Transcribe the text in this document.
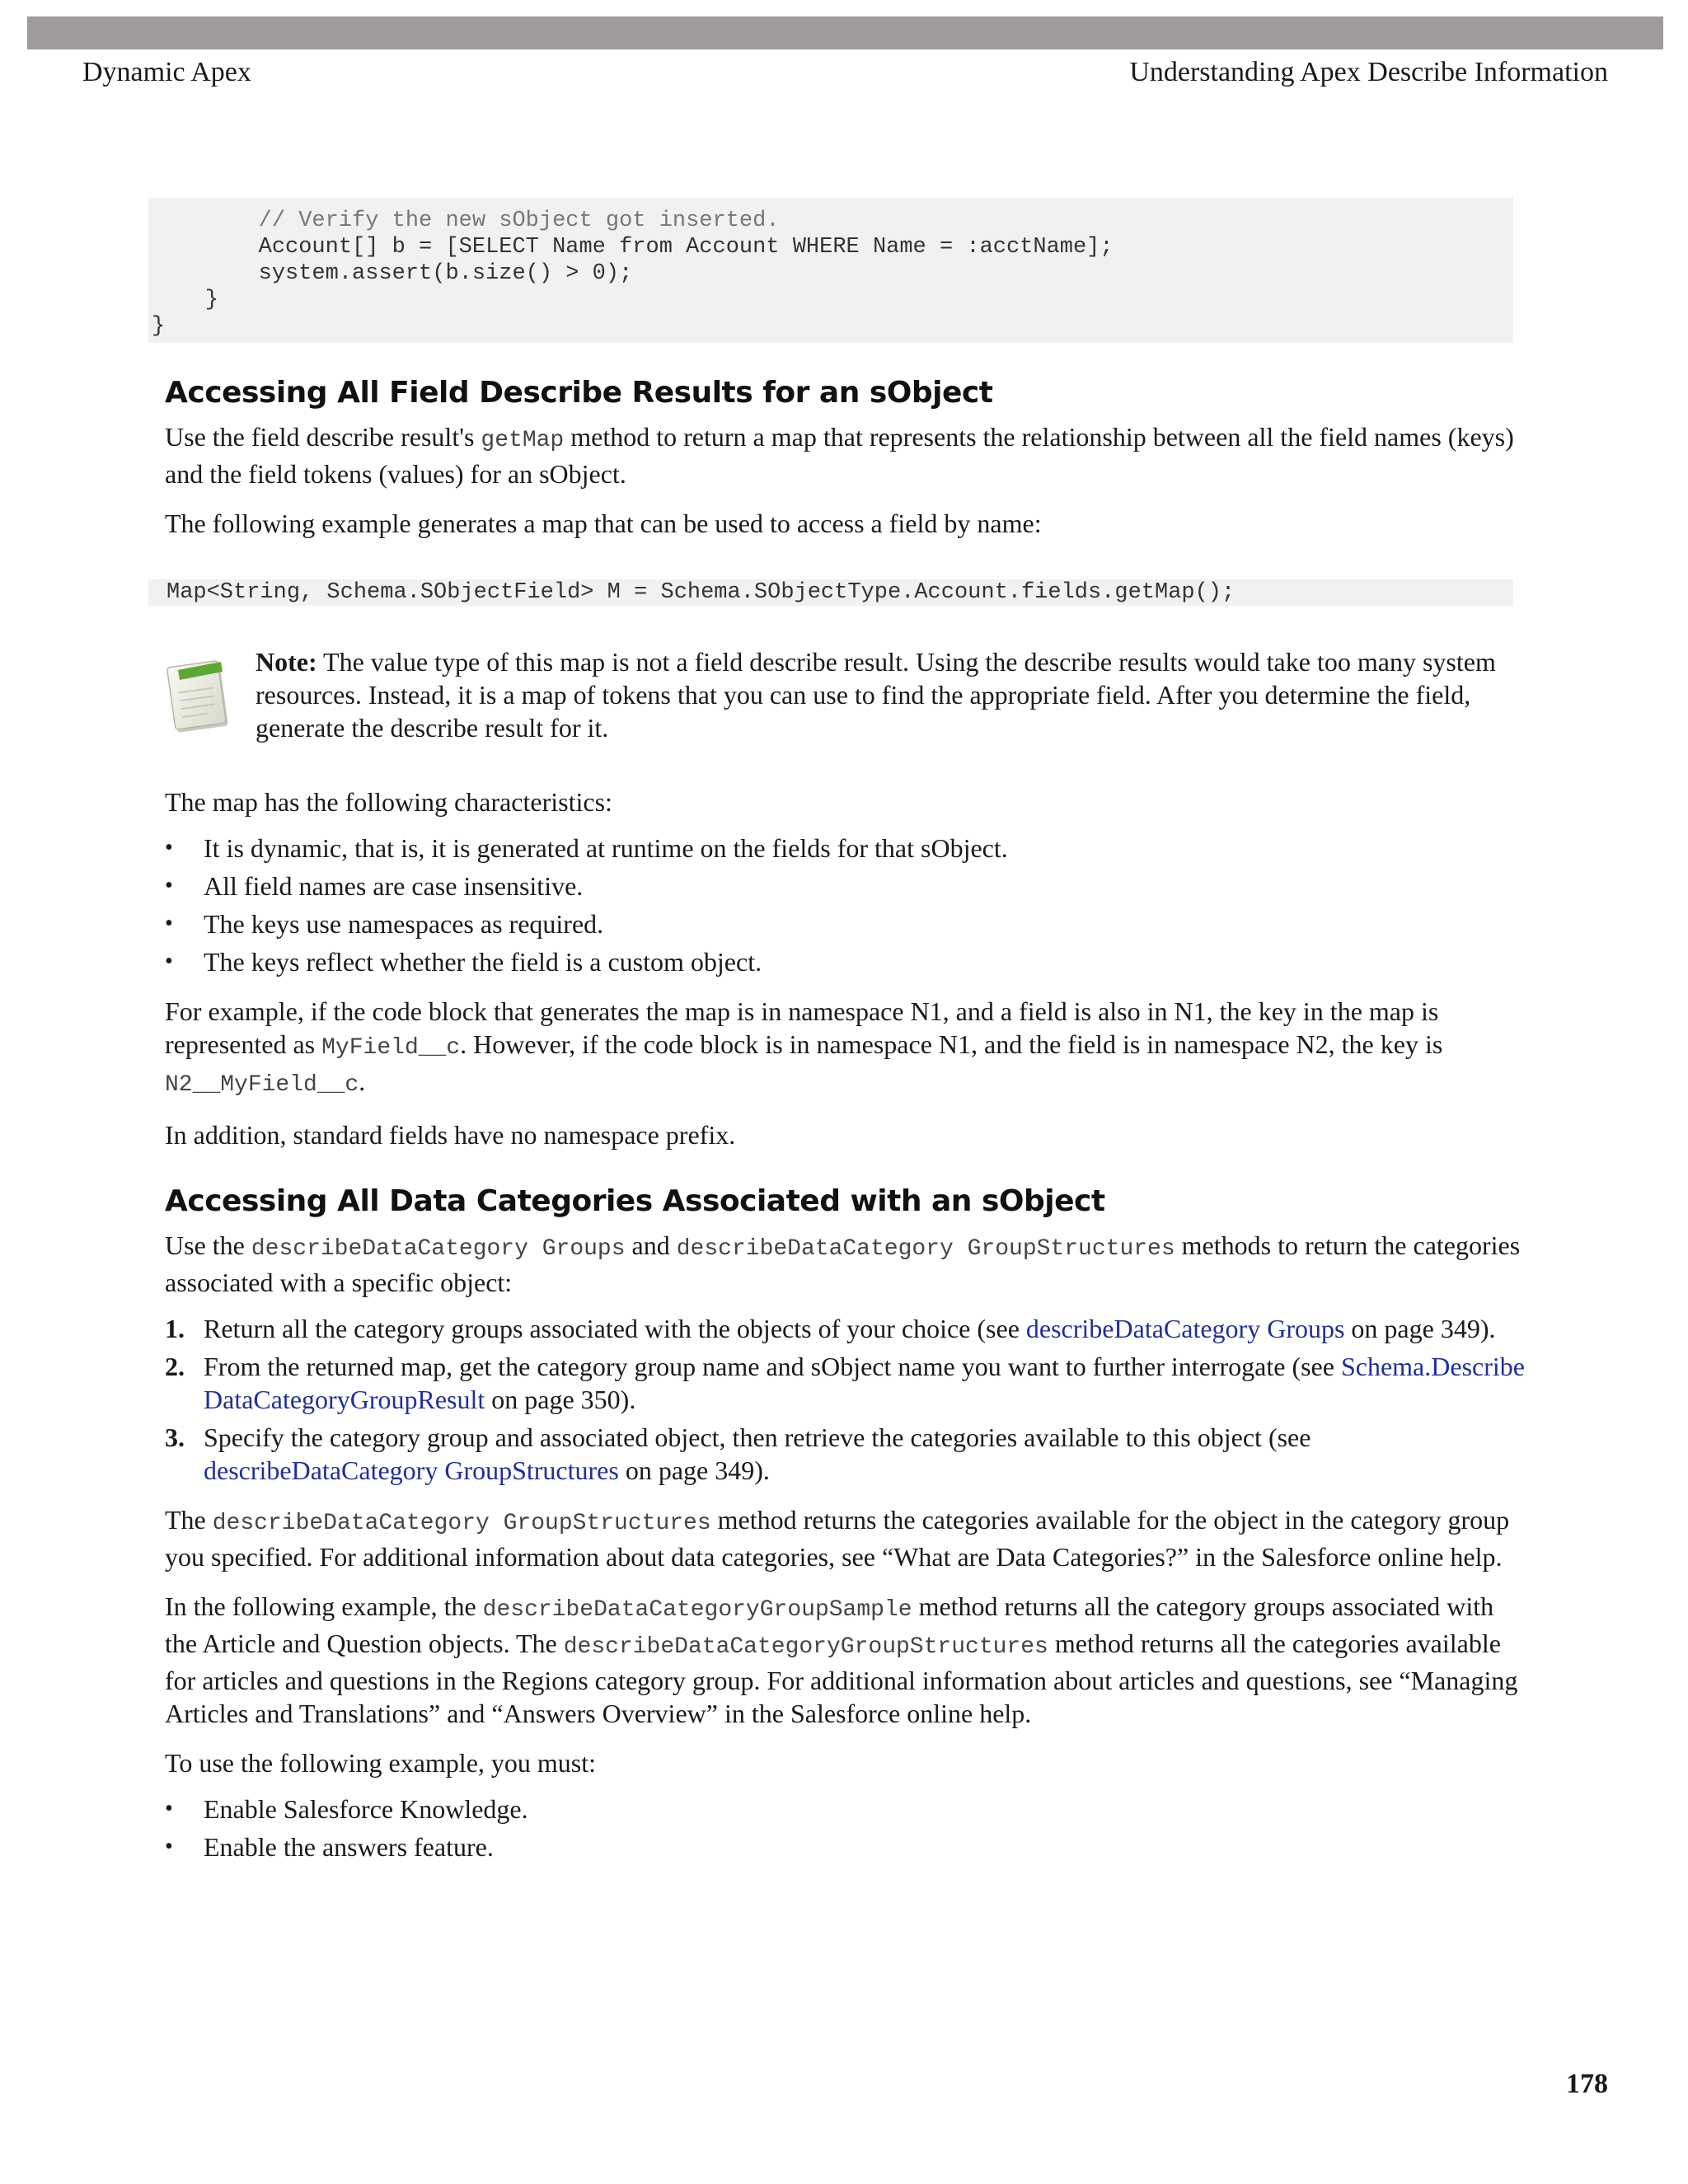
Dynamic Apex	Understanding Apex Describe Information
// Verify the new sObject got inserted.
Account[] b = [SELECT Name from Account WHERE Name = :acctName];
system.assert(b.size() > 0);
}
}
Accessing All Field Describe Results for an sObject

Use the field describe result's getMap method to return a map that represents the relationship between all the field names (keys) and the field tokens (values) for an sObject.

The following example generates a map that can be used to access a field by name:

Map<String, Schema.SObjectField> M = Schema.SObjectType.Account.fields.getMap();

Note: The value type of this map is not a field describe result. Using the describe results would take too many system resources. Instead, it is a map of tokens that you can use to find the appropriate field. After you determine the field, generate the describe result for it.

The map has the following characteristics:

• It is dynamic, that is, it is generated at runtime on the fields for that sObject.
• All field names are case insensitive.
• The keys use namespaces as required.
• The keys reflect whether the field is a custom object.

For example, if the code block that generates the map is in namespace N1, and a field is also in N1, the key in the map is represented as MyField__c. However, if the code block is in namespace N1, and the field is in namespace N2, the key is N2__MyField__c.

In addition, standard fields have no namespace prefix.

Accessing All Data Categories Associated with an sObject

Use the describeDataCategory Groups and describeDataCategory GroupStructures methods to return the categories associated with a specific object:

1. Return all the category groups associated with the objects of your choice (see describeDataCategory Groups on page 349).
2. From the returned map, get the category group name and sObject name you want to further interrogate (see Schema.Describe DataCategoryGroupResult on page 350).
3. Specify the category group and associated object, then retrieve the categories available to this object (see describeDataCategory GroupStructures on page 349).

The describeDataCategory GroupStructures method returns the categories available for the object in the category group you specified. For additional information about data categories, see “What are Data Categories?” in the Salesforce online help.

In the following example, the describeDataCategoryGroupSample method returns all the category groups associated with the Article and Question objects. The describeDataCategoryGroupStructures method returns all the categories available for articles and questions in the Regions category group. For additional information about articles and questions, see “Managing Articles and Translations” and “Answers Overview” in the Salesforce online help.

To use the following example, you must:

• Enable Salesforce Knowledge.
• Enable the answers feature.
178
